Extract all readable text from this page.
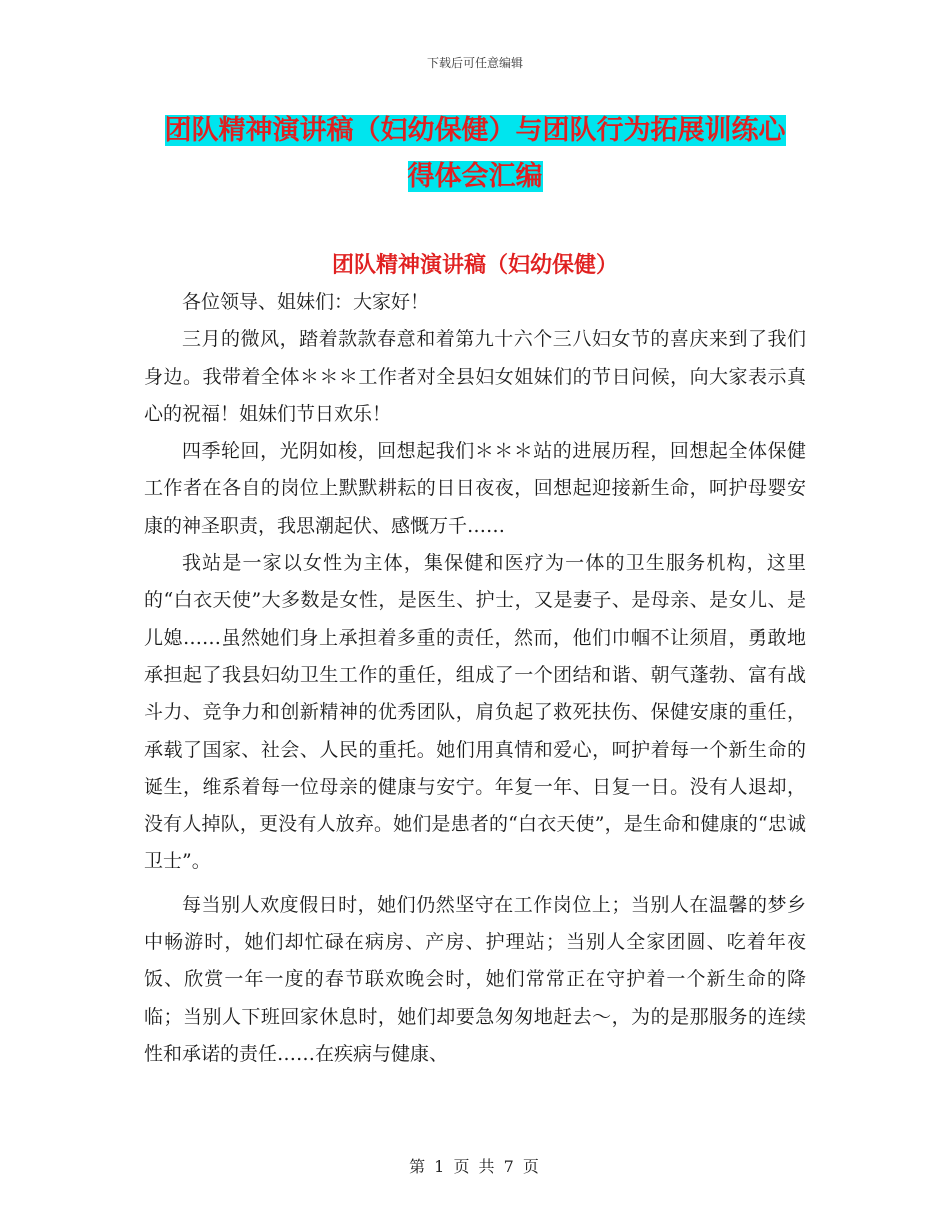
下载后可任意编辑
团队精神演讲稿（妇幼保健）与团队行为拓展训练心
得体会汇编
团队精神演讲稿（妇幼保健）

各位领导、姐妹们：大家好！

三月的微风，踏着款款春意和着第九十六个三八妇女节的喜庆来到了我们身边。我带着全体＊＊＊工作者对全县妇女姐妹们的节日问候，向大家表示真心的祝福！姐妹们节日欢乐！

四季轮回，光阴如梭，回想起我们＊＊＊站的进展历程，回想起全体保健工作者在各自的岗位上默默耕耘的日日夜夜，回想起迎接新生命，呵护母婴安康的神圣职责，我思潮起伏、感慨万千……

我站是一家以女性为主体，集保健和医疗为一体的卫生服务机构，这里的“白衣天使”大多数是女性，是医生、护士，又是妻子、是母亲、是女儿、是儿媳……虽然她们身上承担着多重的责任，然而，他们巾帼不让须眉，勇敢地承担起了我县妇幼卫生工作的重任，组成了一个团结和谐、朝气蓬勃、富有战斗力、竞争力和创新精神的优秀团队，肩负起了救死扶伤、保健安康的重任，承载了国家、社会、人民的重托。她们用真情和爱心，呵护着每一个新生命的诞生，维系着每一位母亲的健康与安宁。年复一年、日复一日。没有人退却，没有人掉队，更没有人放弃。她们是患者的“白衣天使”，是生命和健康的“忠诚卫士”。

每当别人欢度假日时，她们仍然坚守在工作岗位上；当别人在温馨的梦乡中畅游时，她们却忙碌在病房、产房、护理站；当别人全家团圆、吃着年夜饭、欣赏一年一度的春节联欢晚会时，她们常常正在守护着一个新生命的降临；当别人下班回家休息时，她们却要急匆匆地赶去～，为的是那服务的连续性和承诺的责任……在疾病与健康、

第 1 页 共 7 页
